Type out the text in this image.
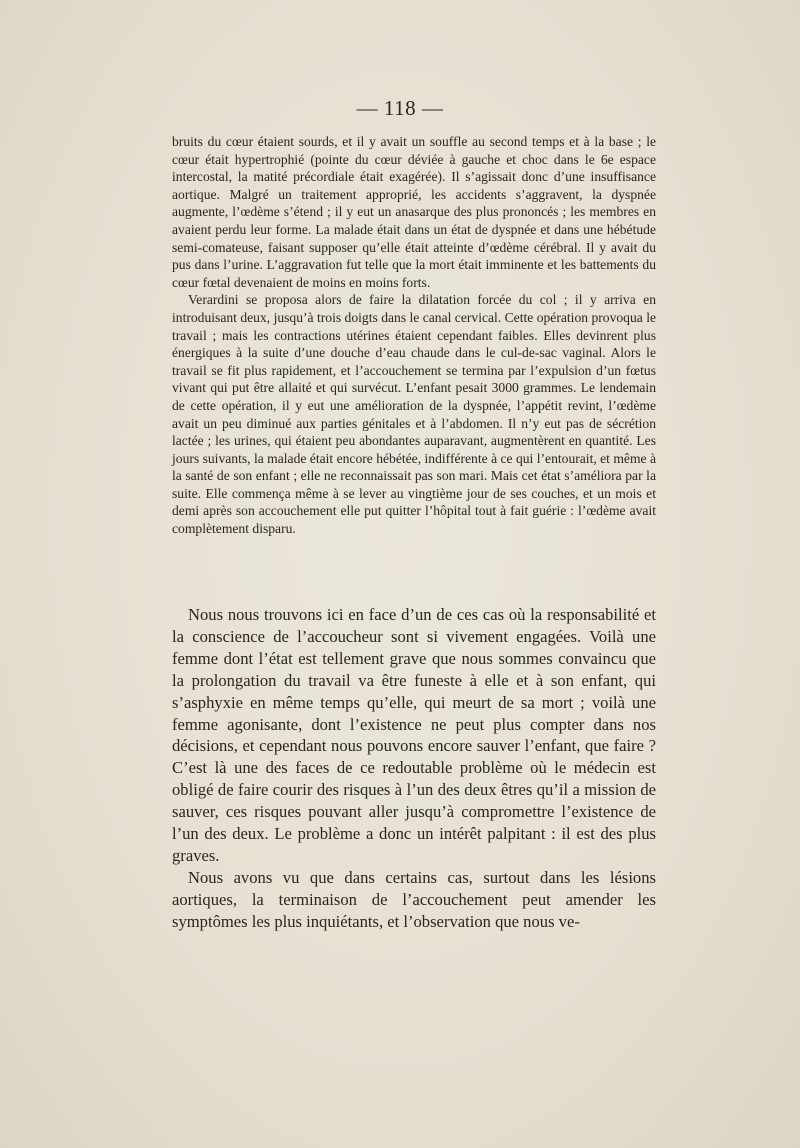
— 118 —

bruits du cœur étaient sourds, et il y avait un souffle au second temps et à la base ; le cœur était hypertrophié (pointe du cœur déviée à gauche et choc dans le 6e espace intercostal, la matité précordiale était exagérée). Il s’agissait donc d’une insuffisance aortique. Malgré un traitement approprié, les accidents s’aggravent, la dyspnée augmente, l’œdème s’étend ; il y eut un anasarque des plus prononcés ; les membres en avaient perdu leur forme. La malade était dans un état de dyspnée et dans une hébétude semi-comateuse, faisant supposer qu’elle était atteinte d’œdème cérébral. Il y avait du pus dans l’urine. L’aggravation fut telle que la mort était imminente et les battements du cœur fœtal devenaient de moins en moins forts.

Verardini se proposa alors de faire la dilatation forcée du col ; il y arriva en introduisant deux, jusqu’à trois doigts dans le canal cervical. Cette opération provoqua le travail ; mais les contractions utérines étaient cependant faibles. Elles devinrent plus énergiques à la suite d’une douche d’eau chaude dans le cul-de-sac vaginal. Alors le travail se fit plus rapidement, et l’accouchement se termina par l’expulsion d’un fœtus vivant qui put être allaité et qui survécut. L’enfant pesait 3000 grammes. Le lendemain de cette opération, il y eut une amélioration de la dyspnée, l’appétit revint, l’œdème avait un peu diminué aux parties génitales et à l’abdomen. Il n’y eut pas de sécrétion lactée ; les urines, qui étaient peu abondantes auparavant, augmentèrent en quantité. Les jours suivants, la malade était encore hébétée, indifférente à ce qui l’entourait, et même à la santé de son enfant ; elle ne reconnaissait pas son mari. Mais cet état s’améliora par la suite. Elle commença même à se lever au vingtième jour de ses couches, et un mois et demi après son accouchement elle put quitter l’hôpital tout à fait guérie : l’œdème avait complètement disparu.

Nous nous trouvons ici en face d’un de ces cas où la responsabilité et la conscience de l’accoucheur sont si vivement engagées. Voilà une femme dont l’état est tellement grave que nous sommes convaincu que la prolongation du travail va être funeste à elle et à son enfant, qui s’asphyxie en même temps qu’elle, qui meurt de sa mort ; voilà une femme agonisante, dont l’existence ne peut plus compter dans nos décisions, et cependant nous pouvons encore sauver l’enfant, que faire ? C’est là une des faces de ce redoutable problème où le médecin est obligé de faire courir des risques à l’un des deux êtres qu’il a mission de sauver, ces risques pouvant aller jusqu’à compromettre l’existence de l’un des deux. Le problème a donc un intérêt palpitant : il est des plus graves.

Nous avons vu que dans certains cas, surtout dans les lésions aortiques, la terminaison de l’accouchement peut amender les symptômes les plus inquiétants, et l’observation que nous ve-
